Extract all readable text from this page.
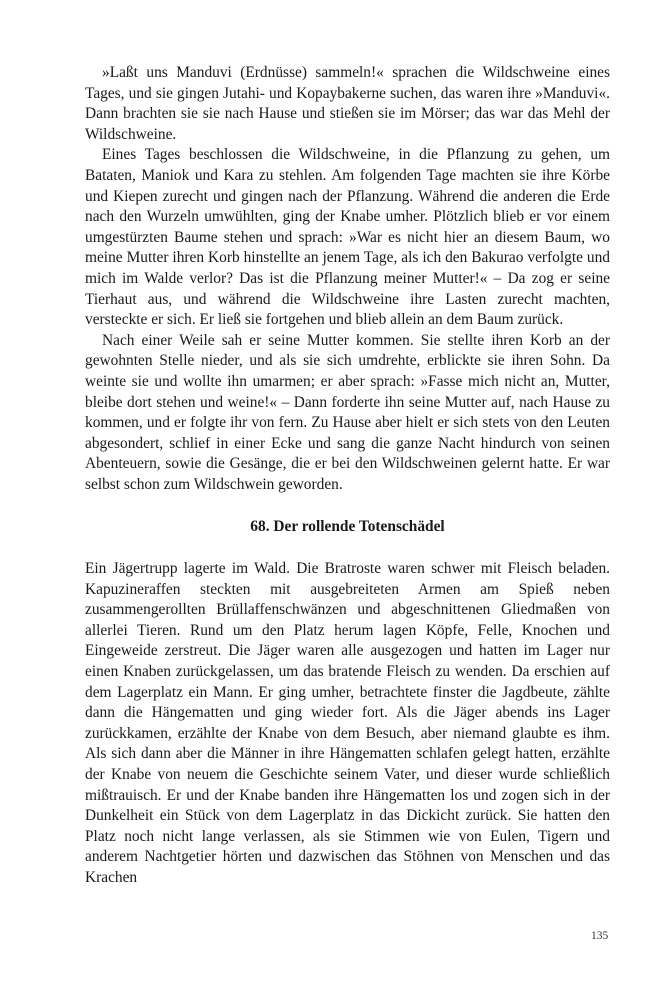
»Laßt uns Manduvi (Erdnüsse) sammeln!« sprachen die Wildschweine eines Tages, und sie gingen Jutahi- und Kopaybakerne suchen, das waren ihre »Manduvi«. Dann brachten sie sie nach Hause und stießen sie im Mörser; das war das Mehl der Wildschweine.

Eines Tages beschlossen die Wildschweine, in die Pflanzung zu gehen, um Bataten, Maniok und Kara zu stehlen. Am folgenden Tage machten sie ihre Körbe und Kiepen zurecht und gingen nach der Pflanzung. Während die anderen die Erde nach den Wurzeln umwühlten, ging der Knabe umher. Plötzlich blieb er vor einem umgestürzten Baume stehen und sprach: »War es nicht hier an diesem Baum, wo meine Mutter ihren Korb hinstellte an jenem Tage, als ich den Bakurao verfolgte und mich im Walde verlor? Das ist die Pflanzung meiner Mutter!« – Da zog er seine Tierhaut aus, und während die Wildschweine ihre Lasten zurecht machten, versteckte er sich. Er ließ sie fortgehen und blieb allein an dem Baum zurück.

Nach einer Weile sah er seine Mutter kommen. Sie stellte ihren Korb an der gewohnten Stelle nieder, und als sie sich umdrehte, erblickte sie ihren Sohn. Da weinte sie und wollte ihn umarmen; er aber sprach: »Fasse mich nicht an, Mutter, bleibe dort stehen und weine!« – Dann forderte ihn seine Mutter auf, nach Hause zu kommen, und er folgte ihr von fern. Zu Hause aber hielt er sich stets von den Leuten abgesondert, schlief in einer Ecke und sang die ganze Nacht hindurch von seinen Abenteuern, sowie die Gesänge, die er bei den Wildschweinen gelernt hatte. Er war selbst schon zum Wildschwein geworden.

68. Der rollende Totenschädel

Ein Jägertrupp lagerte im Wald. Die Bratroste waren schwer mit Fleisch beladen. Kapuzineraffen steckten mit ausgebreiteten Armen am Spieß neben zusammengerollten Brüllaffenschwänzen und abgeschnittenen Gliedmaßen von allerlei Tieren. Rund um den Platz herum lagen Köpfe, Felle, Knochen und Eingeweide zerstreut. Die Jäger waren alle ausgezogen und hatten im Lager nur einen Knaben zurückgelassen, um das bratende Fleisch zu wenden. Da erschien auf dem Lagerplatz ein Mann. Er ging umher, betrachtete finster die Jagdbeute, zählte dann die Hängematten und ging wieder fort. Als die Jäger abends ins Lager zurückkamen, erzählte der Knabe von dem Besuch, aber niemand glaubte es ihm. Als sich dann aber die Männer in ihre Hängematten schlafen gelegt hatten, erzählte der Knabe von neuem die Geschichte seinem Vater, und dieser wurde schließlich mißtrauisch. Er und der Knabe banden ihre Hängematten los und zogen sich in der Dunkelheit ein Stück von dem Lagerplatz in das Dickicht zurück. Sie hatten den Platz noch nicht lange verlassen, als sie Stimmen wie von Eulen, Tigern und anderem Nachtgetier hörten und dazwischen das Stöhnen von Menschen und das Krachen

135
